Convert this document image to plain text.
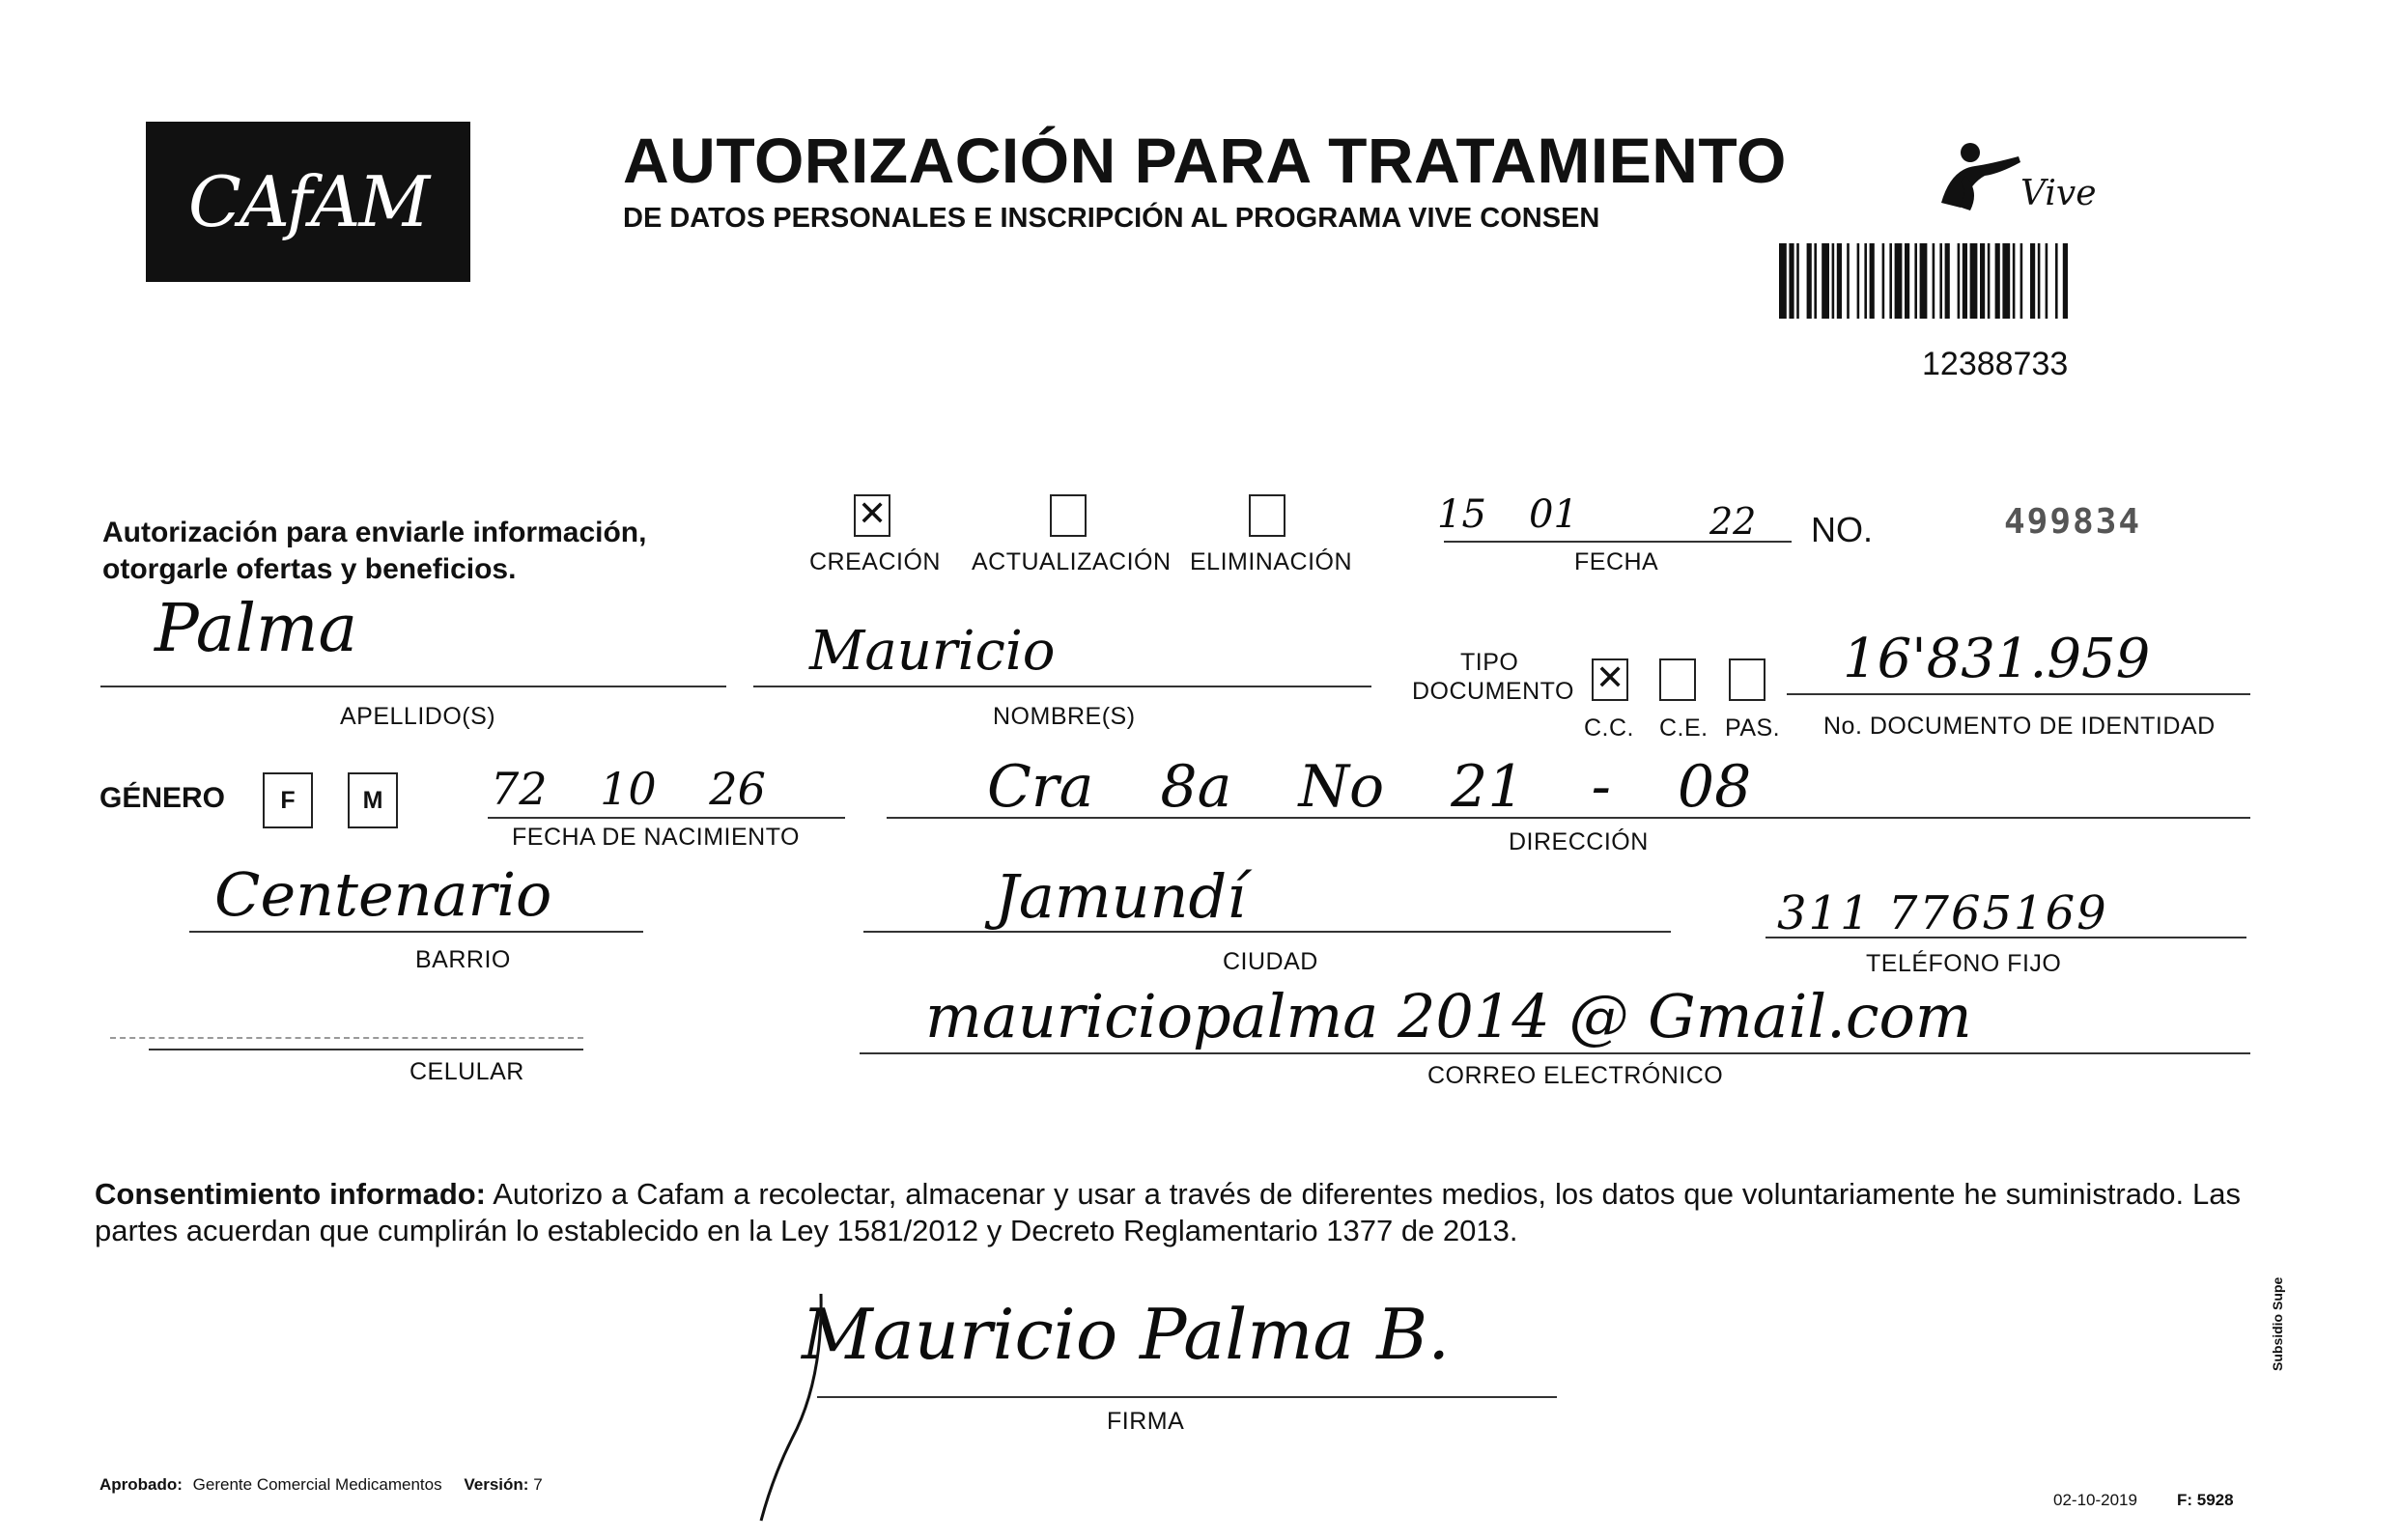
CAfAM
AUTORIZACIÓN PARA TRATAMIENTO
DE DATOS PERSONALES E INSCRIPCIÓN AL PROGRAMA VIVE CONSEN
Vive
12388733
Autorización para enviarle información,
otorgarle ofertas y beneficios.
✕	CREACIÓN ACTUALIZACIÓN ELIMINACIÓN
15 01	22
FECHA
NO.	499834
Palma
APELLIDO(S)
Mauricio
NOMBRE(S)
TIPO
DOCUMENTO
✕
C.C. C.E. PAS.
16'831.959
No. DOCUMENTO DE IDENTIDAD
GÉNERO F	M 72 10 26
FECHA DE NACIMIENTO
Cra 8a No 21 - 08
DIRECCIÓN
Centenario
BARRIO
Jamundí
CIUDAD
311 7765169
TELÉFONO FIJO
CELULAR
mauriciopalma 2014 @ Gmail.com
CORREO ELECTRÓNICO
Consentimiento informado: Autorizo a Cafam a recolectar, almacenar y usar a través de diferentes medios, los datos que voluntariamente he suministrado. Las partes acuerdan que cumplirán lo establecido en la Ley 1581/2012 y Decreto Reglamentario 1377 de 2013.
Mauricio Palma B.
FIRMA
Aprobado: Gerente Comercial Medicamentos Versión: 7
02-10-2019 F: 5928
Subsidio Supe
